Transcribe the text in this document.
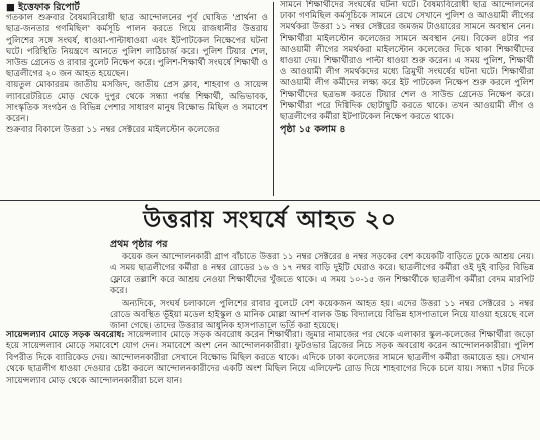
■ ইত্তেফাক রিপোর্ট

গতকাল শুক্রবার বৈষম্যবিরোধী ছাত্র আন্দোলনের পূর্ব ঘোষিত 'প্রার্থনা ও ছাত্র-জনতার গণমিছিল' কর্মসূচি পালন করতে গিয়ে রাজধানীর উত্তরায় পুলিশের সঙ্গে সংঘর্ষ, ধাওয়া-পাল্টাধাওয়া এবং ইটপাটকেল নিক্ষেপের ঘটনা ঘটে। পরিস্থিতি নিয়ন্ত্রণে আনতে পুলিশ লাঠিচার্জ করে। পুলিশ টিয়ার শেল, সাউন্ড গ্রেনেড ও রাবার বুলেট নিক্ষেপ করে। পুলিশ-শিক্ষার্থী সংঘর্ষে শিক্ষার্থী ও ছাত্রলীগের ২০ জন আহত হয়েছেন।

বায়তুল মোকাররম জাতীয় মসজিদ, জাতীয় প্রেস ক্লাব, শাহবাগ ও সায়েন্স ল্যাবরেটরিতে মোড় থেকে দুপুর থেকে সন্ধ্যা পর্যন্ত শিক্ষার্থী, অভিভাবক, সাংস্কৃতিক সংগঠন ও বিভিন্ন পেশার সাধারণ মানুষ বিক্ষোভ মিছিল ও সমাবেশ করেন।

শুক্রবার বিকালে উত্তরা ১১ নম্বর সেক্টরের মাইলস্টোন কলেজের

সামনে শিক্ষার্থীদের সংঘর্ষের ঘটনা ঘটে। বৈষম্যবিরোধী ছাত্র আন্দোলনের ঢাকা গণমিছিল কর্মসূচিকে সামনে রেখে সেখানে পুলিশ ও আওয়ামী লীগের সমর্থকরা উত্তরা ১১ নম্বর সেক্টরের জমজম টাওয়ারের সামনে অবস্থান নেন। শিক্ষার্থীরা মাইলস্টোন কলেজের সামনে অবস্থান নেয়। বিকেল ৪টার পর আওয়ামী লীগের সমর্থকরা মাইলস্টোন কলেজের দিকে থাকা শিক্ষার্থীদের ধাওয়া দেয়। শিক্ষার্থীরাও পাল্টা ধাওয়া শুরু করেন। এ সময় পুলিশ, শিক্ষার্থী ও আওয়ামী লীগ সমর্থকদের মধ্যে ত্রিমুখী সংঘর্ষের ঘটনা ঘটে। শিক্ষার্থীরা আওয়ামী লীগ কর্মীদের লক্ষ্য করে ইট পাটকেল নিক্ষেপ শুরু করলে পুলিশ শিক্ষার্থীদের ছত্রভঙ্গ করতে টিয়ার শেল ও সাউন্ড গ্রেনেড নিক্ষেপ করে। শিক্ষার্থীরা পরে দিগ্বিদিক ছোটাছুটি করতে থাকে। তখন আওয়ামী লীগ ও ছাত্রলীগের কর্মীরা ইটপাটকেল নিক্ষেপ করতে থাকে।

পৃষ্ঠা ১৫ কলাম ৪

উত্তরায় সংঘর্ষে আহত ২০
প্রথম পৃষ্ঠার পর

কয়েক জন আন্দোলনকারী গ্রাপ বাঁচাতে উত্তরা ১১ নম্বর সেক্টরের ৪ নম্বর সড়কের বেশ কয়েকটি বাড়িতে ঢুকে আশ্রয় নেয়। এ সময় ছাত্রলীগের কর্মীরা ৪ নম্বর রোডের ১৬ ও ১৭ নম্বর বাড়ি দুইটি ঘেরাও করে। ছাত্রলীগের কর্মীরা ওই দুই বাড়ির বিভিন্ন ফ্লোরে তল্লাশি করে আশ্রয় নেওয়া শিক্ষার্থীদের খুঁজতে থাকে। এ সময় ১০-১৫ জন শিক্ষার্থীকে ছাত্রলীগ কর্মীরা বেদম মারপিট করে।

অন্যদিকে, সংঘর্ষ চলাকালে পুলিশের রাবার বুলেটে বেশ কয়েকজন আহত হয়। এদের উত্তরা ১১ নম্বর সেক্টরের ১ নম্বর রোডে অবস্থিত ভূঁইয়া মডেল হাইস্কুল ও মানিক মোল্লা আদর্শ বালক উচ্চ বিদ্যালয়ে বিভিন্ন হাসপাতালে নিয়ে যাওয়া হয়েছে বলে জানা গেছে। তাদের উত্তরার আধুনিক হাসপাতালে ভর্তি করা হয়েছে।

সায়েন্সল্যাব মোড়ে সড়ক অবরোধ: সায়েন্সল্যাব মোড়ে সড়ক অবরোধ করেন শিক্ষার্থীরা। জুমার নামাজের পর থেকে এলাকার স্কুল-কলেজের শিক্ষার্থীরা জড়ো হয়ে সায়েন্সল্যাব মোড়ে সমাবেশে যোগ দেন। সমাবেশে অংশ নেন আন্দোলনকারীরা। ফুটওভার ব্রিজের নিচে সড়ক অবরোধ করেন আন্দোলনকারীরা। পুলিশ বিপরীত দিকে ব্যারিকেড দেয়। আন্দোলনকারীরা সেখানে বিক্ষোভ মিছিল করতে থাকে। এদিকে ঢাকা কলেজের সামনে ছাত্রলীগ কর্মীরা জমায়েত হয়। সেখান থেকে ছাত্রলীগ ধাওয়া দেওয়ার চেষ্টা করলে আন্দোলনকারীদের একটি অংশ মিছিল নিয়ে এলিফেন্ট রোড দিয়ে শাহবাগের দিকে চলে যায়। সন্ধ্যা ৭টার দিকে সায়েন্সল্যাব মোড় থেকে আন্দোলনকারীরা চলে যান।
